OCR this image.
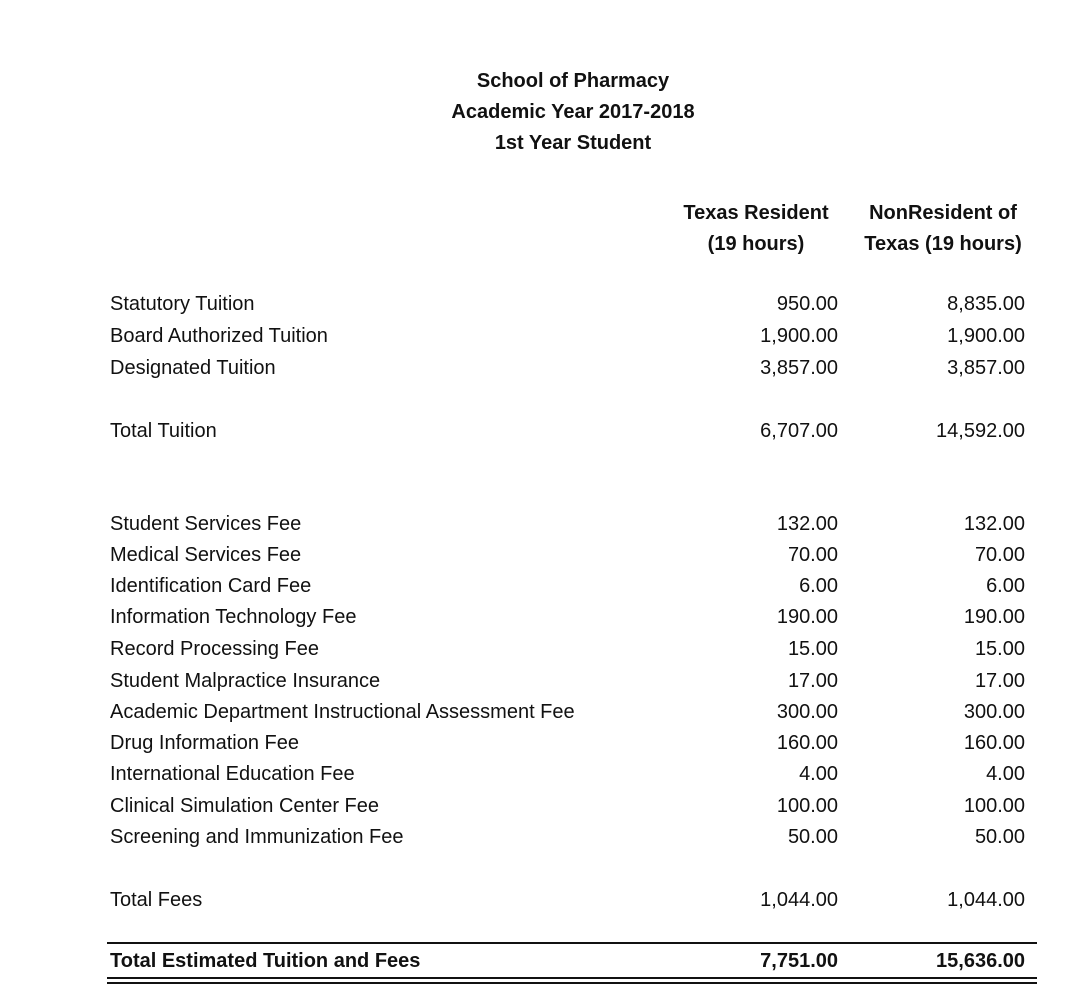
School of Pharmacy
Academic Year 2017-2018
1st Year Student
Texas Resident
(19 hours)
NonResident of
Texas (19 hours)
Statutory Tuition	950.00	8,835.00
Board Authorized Tuition	1,900.00	1,900.00
Designated Tuition	3,857.00	3,857.00
Total Tuition	6,707.00	14,592.00
Student Services Fee	132.00	132.00
Medical Services Fee	70.00	70.00
Identification Card Fee	6.00	6.00
Information Technology Fee	190.00	190.00
Record Processing Fee	15.00	15.00
Student Malpractice Insurance	17.00	17.00
Academic Department Instructional Assessment Fee	300.00	300.00
Drug Information Fee	160.00	160.00
International Education Fee	4.00	4.00
Clinical Simulation Center Fee	100.00	100.00
Screening and Immunization Fee	50.00	50.00
Total Fees	1,044.00	1,044.00
Total Estimated Tuition and Fees	7,751.00	15,636.00
